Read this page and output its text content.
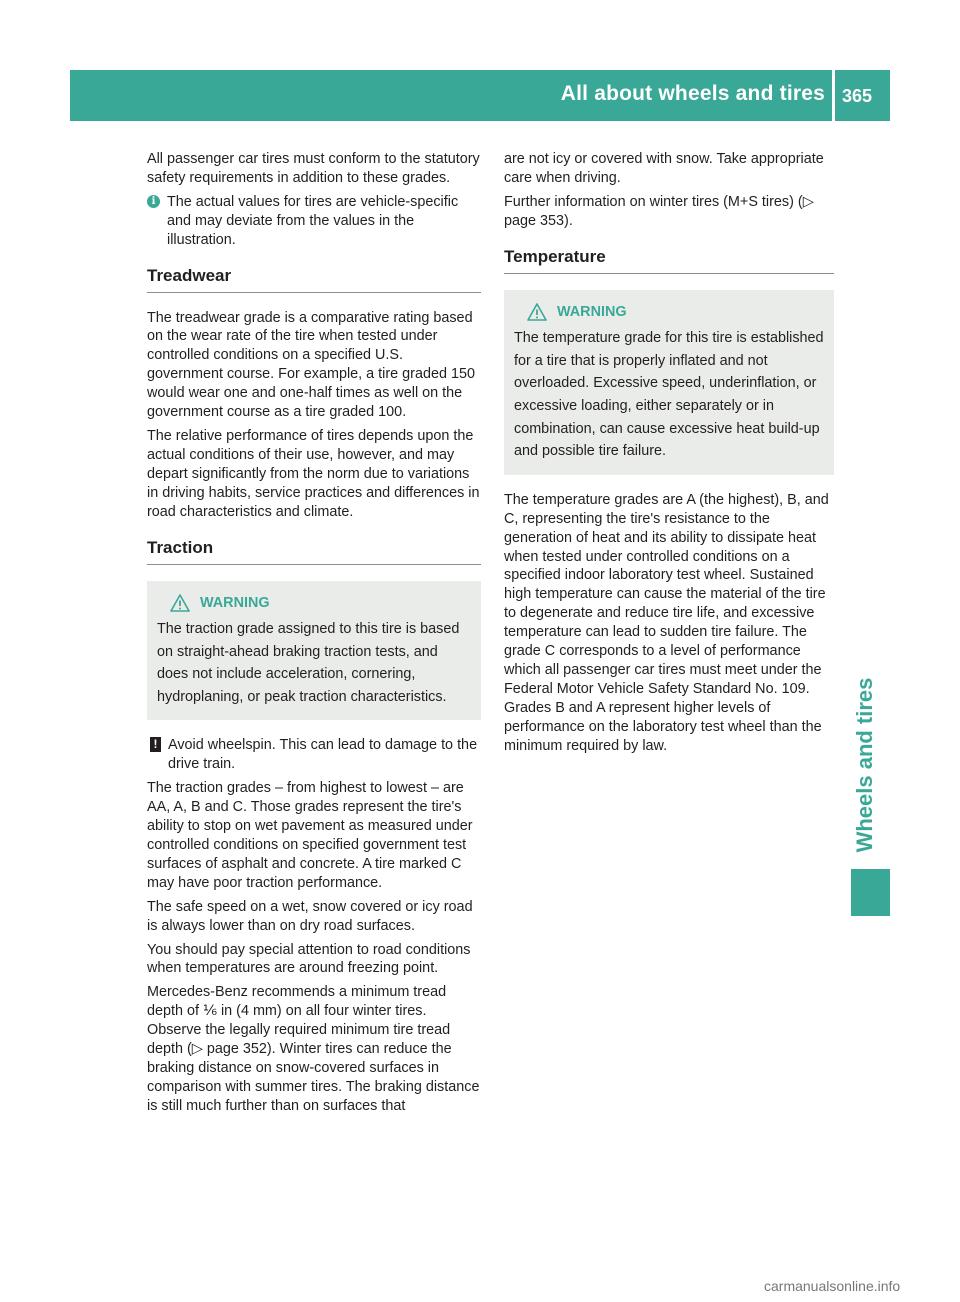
All about wheels and tires 365
Wheels and tires

All passenger car tires must conform to the statutory safety requirements in addition to these grades.

i The actual values for tires are vehicle-specific and may deviate from the values in the illustration.
Treadwear

The treadwear grade is a comparative rating based on the wear rate of the tire when tested under controlled conditions on a specified U.S. government course. For example, a tire graded 150 would wear one and one-half times as well on the government course as a tire graded 100.

The relative performance of tires depends upon the actual conditions of their use, however, and may depart significantly from the norm due to variations in driving habits, service practices and differences in road characteristics and climate.

Traction
WARNING
The traction grade assigned to this tire is based on straight-ahead braking traction tests, and does not include acceleration, cornering, hydroplaning, or peak traction characteristics.
! Avoid wheelspin. This can lead to damage to the drive train.

The traction grades – from highest to lowest – are AA, A, B and C. Those grades represent the tire's ability to stop on wet pavement as measured under controlled conditions on specified government test surfaces of asphalt and concrete. A tire marked C may have poor traction performance.

The safe speed on a wet, snow covered or icy road is always lower than on dry road surfaces.

You should pay special attention to road conditions when temperatures are around freezing point.

Mercedes-Benz recommends a minimum tread depth of ⅙ in (4 mm) on all four winter tires. Observe the legally required minimum tire tread depth (▷ page 352). Winter tires can reduce the braking distance on snow-covered surfaces in comparison with summer tires. The braking distance is still much further than on surfaces that

are not icy or covered with snow. Take appropriate care when driving.

Further information on winter tires (M+S tires) (▷ page 353).

Temperature
WARNING
The temperature grade for this tire is established for a tire that is properly inflated and not overloaded. Excessive speed, underinflation, or excessive loading, either separately or in combination, can cause excessive heat build-up and possible tire failure.

The temperature grades are A (the highest), B, and C, representing the tire's resistance to the generation of heat and its ability to dissipate heat when tested under controlled conditions on a specified indoor laboratory test wheel. Sustained high temperature can cause the material of the tire to degenerate and reduce tire life, and excessive temperature can lead to sudden tire failure. The grade C corresponds to a level of performance which all passenger car tires must meet under the Federal Motor Vehicle Safety Standard No. 109. Grades B and A represent higher levels of performance on the laboratory test wheel than the minimum required by law.

carmanualsonline.info
